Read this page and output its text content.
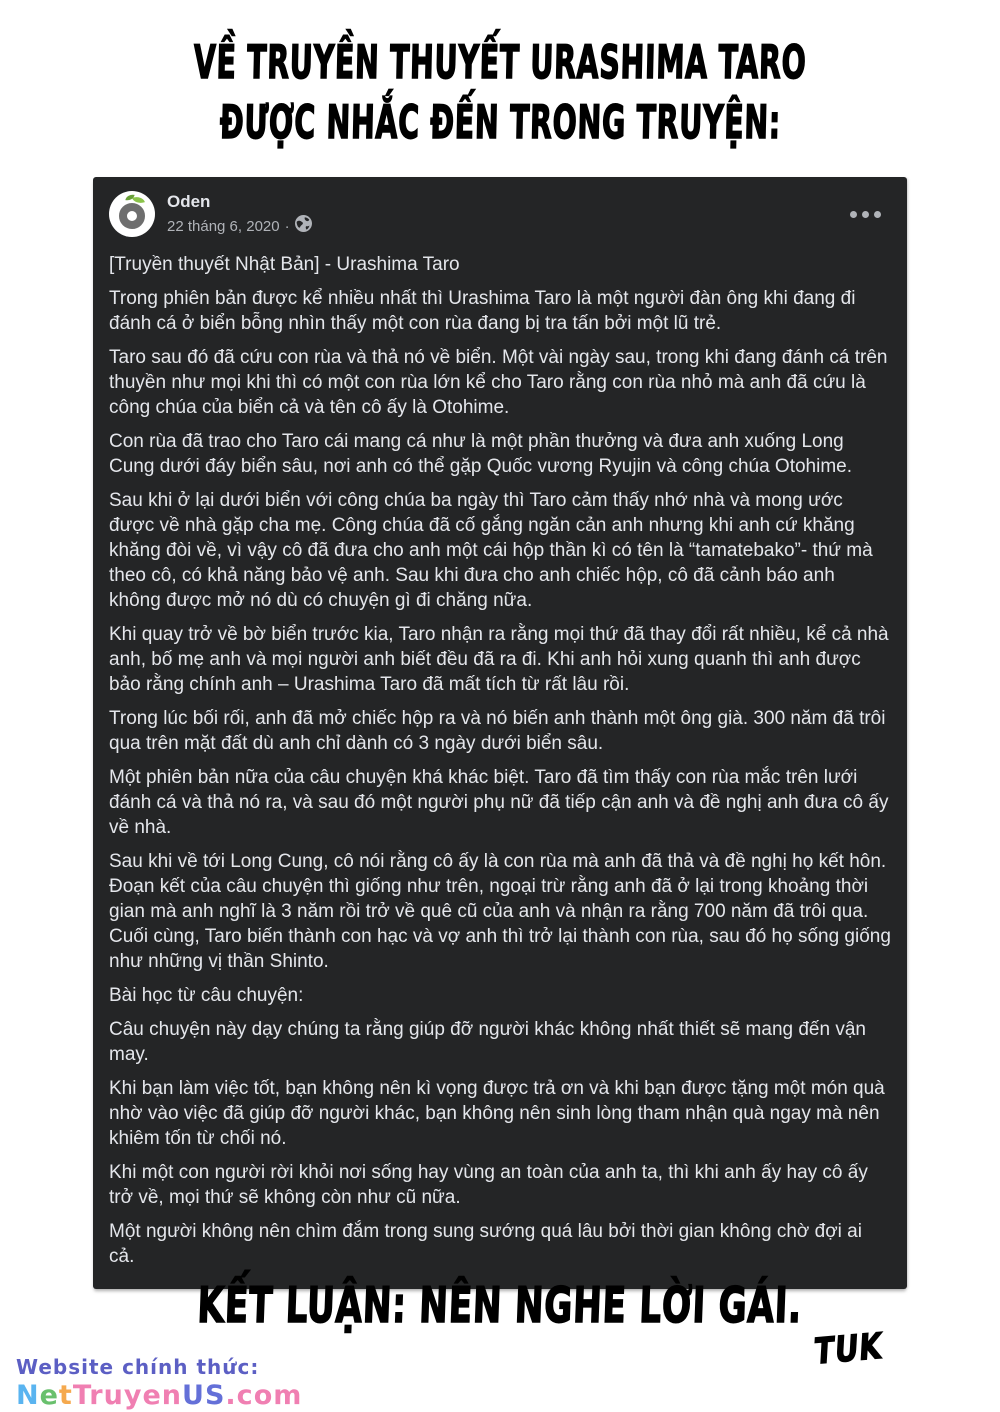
VỀ TRUYỀN THUYẾT URASHIMA TARO
ĐƯỢC NHẮC ĐẾN TRONG TRUYỆN:
Oden
22 tháng 6, 2020 ·

[Truyền thuyết Nhật Bản] - Urashima Taro

Trong phiên bản được kể nhiều nhất thì Urashima Taro là một người đàn ông khi đang đi đánh cá ở biển bỗng nhìn thấy một con rùa đang bị tra tấn bởi một lũ trẻ.

Taro sau đó đã cứu con rùa và thả nó về biển. Một vài ngày sau, trong khi đang đánh cá trên thuyền như mọi khi thì có một con rùa lớn kể cho Taro rằng con rùa nhỏ mà anh đã cứu là công chúa của biển cả và tên cô ấy là Otohime.

Con rùa đã trao cho Taro cái mang cá như là một phần thưởng và đưa anh xuống Long Cung dưới đáy biển sâu, nơi anh có thể gặp Quốc vương Ryujin và công chúa Otohime.

Sau khi ở lại dưới biển với công chúa ba ngày thì Taro cảm thấy nhớ nhà và mong ước được về nhà gặp cha mẹ. Công chúa đã cố gắng ngăn cản anh nhưng khi anh cứ khăng khăng đòi về, vì vậy cô đã đưa cho anh một cái hộp thần kì có tên là “tamatebako”- thứ mà theo cô, có khả năng bảo vệ anh. Sau khi đưa cho anh chiếc hộp, cô đã cảnh báo anh không được mở nó dù có chuyện gì đi chăng nữa.

Khi quay trở về bờ biển trước kia, Taro nhận ra rằng mọi thứ đã thay đổi rất nhiều, kể cả nhà anh, bố mẹ anh và mọi người anh biết đều đã ra đi. Khi anh hỏi xung quanh thì anh được bảo rằng chính anh – Urashima Taro đã mất tích từ rất lâu rồi.

Trong lúc bối rối, anh đã mở chiếc hộp ra và nó biến anh thành một ông già. 300 năm đã trôi qua trên mặt đất dù anh chỉ dành có 3 ngày dưới biển sâu.

Một phiên bản nữa của câu chuyện khá khác biệt. Taro đã tìm thấy con rùa mắc trên lưới đánh cá và thả nó ra, và sau đó một người phụ nữ đã tiếp cận anh và đề nghị anh đưa cô ấy về nhà.

Sau khi về tới Long Cung, cô nói rằng cô ấy là con rùa mà anh đã thả và đề nghị họ kết hôn. Đoạn kết của câu chuyện thì giống như trên, ngoại trừ rằng anh đã ở lại trong khoảng thời gian mà anh nghĩ là 3 năm rồi trở về quê cũ của anh và nhận ra rằng 700 năm đã trôi qua. Cuối cùng, Taro biến thành con hạc và vợ anh thì trở lại thành con rùa, sau đó họ sống giống như những vị thần Shinto.

Bài học từ câu chuyện:

Câu chuyện này dạy chúng ta rằng giúp đỡ người khác không nhất thiết sẽ mang đến vận may.

Khi bạn làm việc tốt, bạn không nên kì vọng được trả ơn và khi bạn được tặng một món quà nhờ vào việc đã giúp đỡ người khác, bạn không nên sinh lòng tham nhận quà ngay mà nên khiêm tốn từ chối nó.

Khi một con người rời khỏi nơi sống hay vùng an toàn của anh ta, thì khi anh ấy hay cô ấy trở về, mọi thứ sẽ không còn như cũ nữa.

Một người không nên chìm đắm trong sung sướng quá lâu bởi thời gian không chờ đợi ai cả.

KẾT LUẬN: NÊN NGHE LỜI GÁI.
TUK
Website chính thức:
NetTruyenUS.com
